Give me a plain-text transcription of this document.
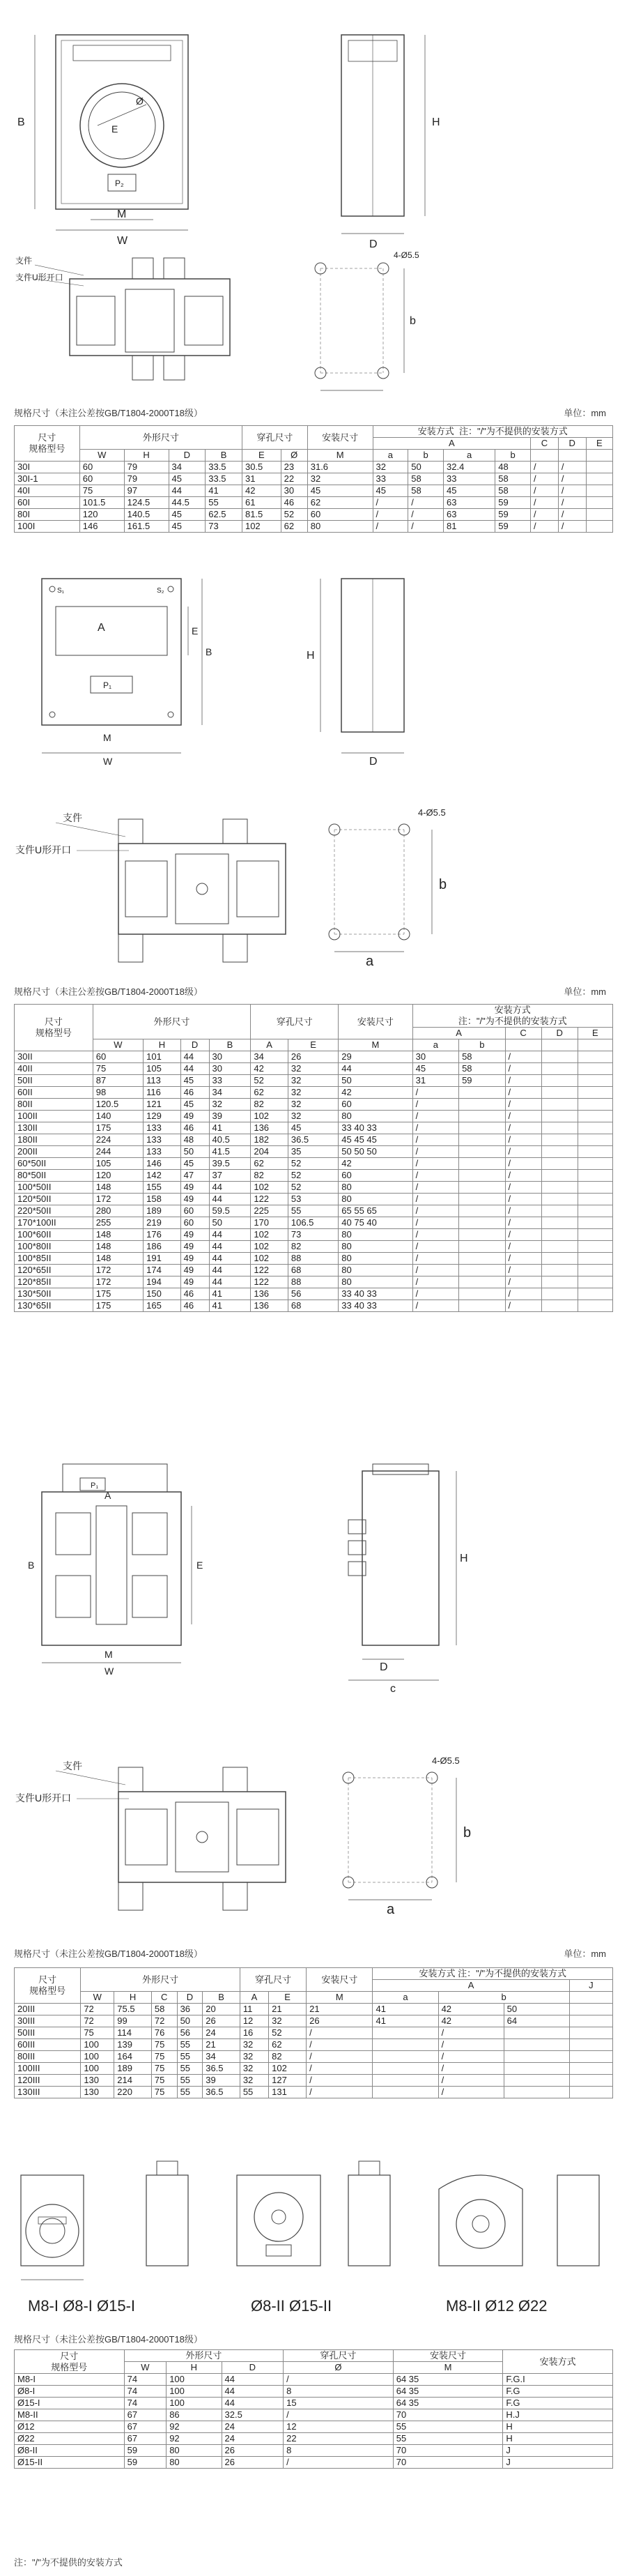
B
W
M
E
Ø
P₂
H
D
支件
支件U形开口
4-Ø5.5
b
规格尺寸（未注公差按GB/T1804-2000T18级）	单位：mm
尺寸
规格型号	外形尺寸				穿孔尺寸		安装尺寸	安装方式 注："/"为不提供的安装方式						
								A				C	D	E
	W	H	D	B	E	Ø	M	a	b	a	b			
30I	60	79	34	33.5	30.5	23	31.6	32	50	32.4	48	/	/	
30I-1	60	79	45	33.5	31	22	32	33	58	33	58	/	/	
40I	75	97	44	41	42	30	45	45	58	45	58	/	/	
60I	101.5	124.5	44.5	55	61	46	62	/	/	63	59	/	/	
80I	120	140.5	45	62.5	81.5	52	60	/	/	63	59	/	/	
100I	146	161.5	45	73	102	62	80	/	/	81	59	/	/	
A
P₁
S₁	S₂
E
B
M
W
H
D
支件
支件U形开口
4-Ø5.5
b
a
规格尺寸（未注公差按GB/T1804-2000T18级）	单位：mm
尺寸
规格型号	外形尺寸				穿孔尺寸		安装尺寸	安装方式
注："/"为不提供的安装方式				
								A		C	D	E
	W	H	D	B	A	E	M	a	b			
30II	60	101	44	30	34	26	29	30	58	/		
40II	75	105	44	30	42	32	44	45	58	/		
50II	87	113	45	33	52	32	50	31	59	/		
60II	98	116	46	34	62	32	42	/		/		
80II	120.5	121	45	32	82	32	60	/		/		
100II	140	129	49	39	102	32	80	/		/		
130II	175	133	46	41	136	45	33 40 33	/		/		
180II	224	133	48	40.5	182	36.5	45 45 45	/		/		
200II	244	133	50	41.5	204	35	50 50 50	/		/		
60*50II	105	146	45	39.5	62	52	42	/		/		
80*50II	120	142	47	37	82	52	60	/		/		
100*50II	148	155	49	44	102	52	80	/		/		
120*50II	172	158	49	44	122	53	80	/		/		
220*50II	280	189	60	59.5	225	55	65 55 65	/		/		
170*100II	255	219	60	50	170	106.5	40 75 40	/		/		
100*60II	148	176	49	44	102	73	80	/		/		
100*80II	148	186	49	44	102	82	80	/		/		
100*85II	148	191	49	44	102	88	80	/		/		
120*65II	172	174	49	44	122	68	80	/		/		
120*85II	172	194	49	44	122	88	80	/		/		
130*50II	175	150	46	41	136	56	33 40 33	/		/		
130*65II	175	165	46	41	136	68	33 40 33	/		/		
P₁
A
E
M
W
B
H
D
c
支件
支件U形开口
4-Ø5.5
b
a
规格尺寸（未注公差按GB/T1804-2000T18级）	单位：mm
尺寸
规格型号	外形尺寸					穿孔尺寸		安装尺寸	安装方式 注："/"为不提供的安装方式			
									A			J
	W	H	C	D	B	A	E	M	a	b		
20III	72	75.5	58	36	20	11	21	21	41	42	50	
30III	72	99	72	50	26	12	32	26	41	42	64	
50III	75	114	76	56	24	16	52	/		/		
60III	100	139	75	55	21	32	62	/		/		
80III	100	164	75	55	34	32	82	/		/		
100III	100	189	75	55	36.5	32	102	/		/		
120III	130	214	75	55	39	32	127	/		/		
130III	130	220	75	55	36.5	55	131	/		/		
M8-I Ø8-I Ø15-I	Ø8-II Ø15-II	M8-II Ø12 Ø22
规格尺寸（未注公差按GB/T1804-2000T18级）
尺寸
规格型号	外形尺寸			穿孔尺寸	安装尺寸	安装方式
	W	H	D	Ø	M	
M8-I	74	100	44	/	64 35	F.G.I
Ø8-I	74	100	44	8	64 35	F.G
Ø15-I	74	100	44	15	64 35	F.G
M8-II	67	86	32.5	/	70	H.J
Ø12	67	92	24	12	55	H
Ø22	67	92	24	22	55	H
Ø8-II	59	80	26	8	70	J
Ø15-II	59	80	26	/	70	J
注："/"为不提供的安装方式
